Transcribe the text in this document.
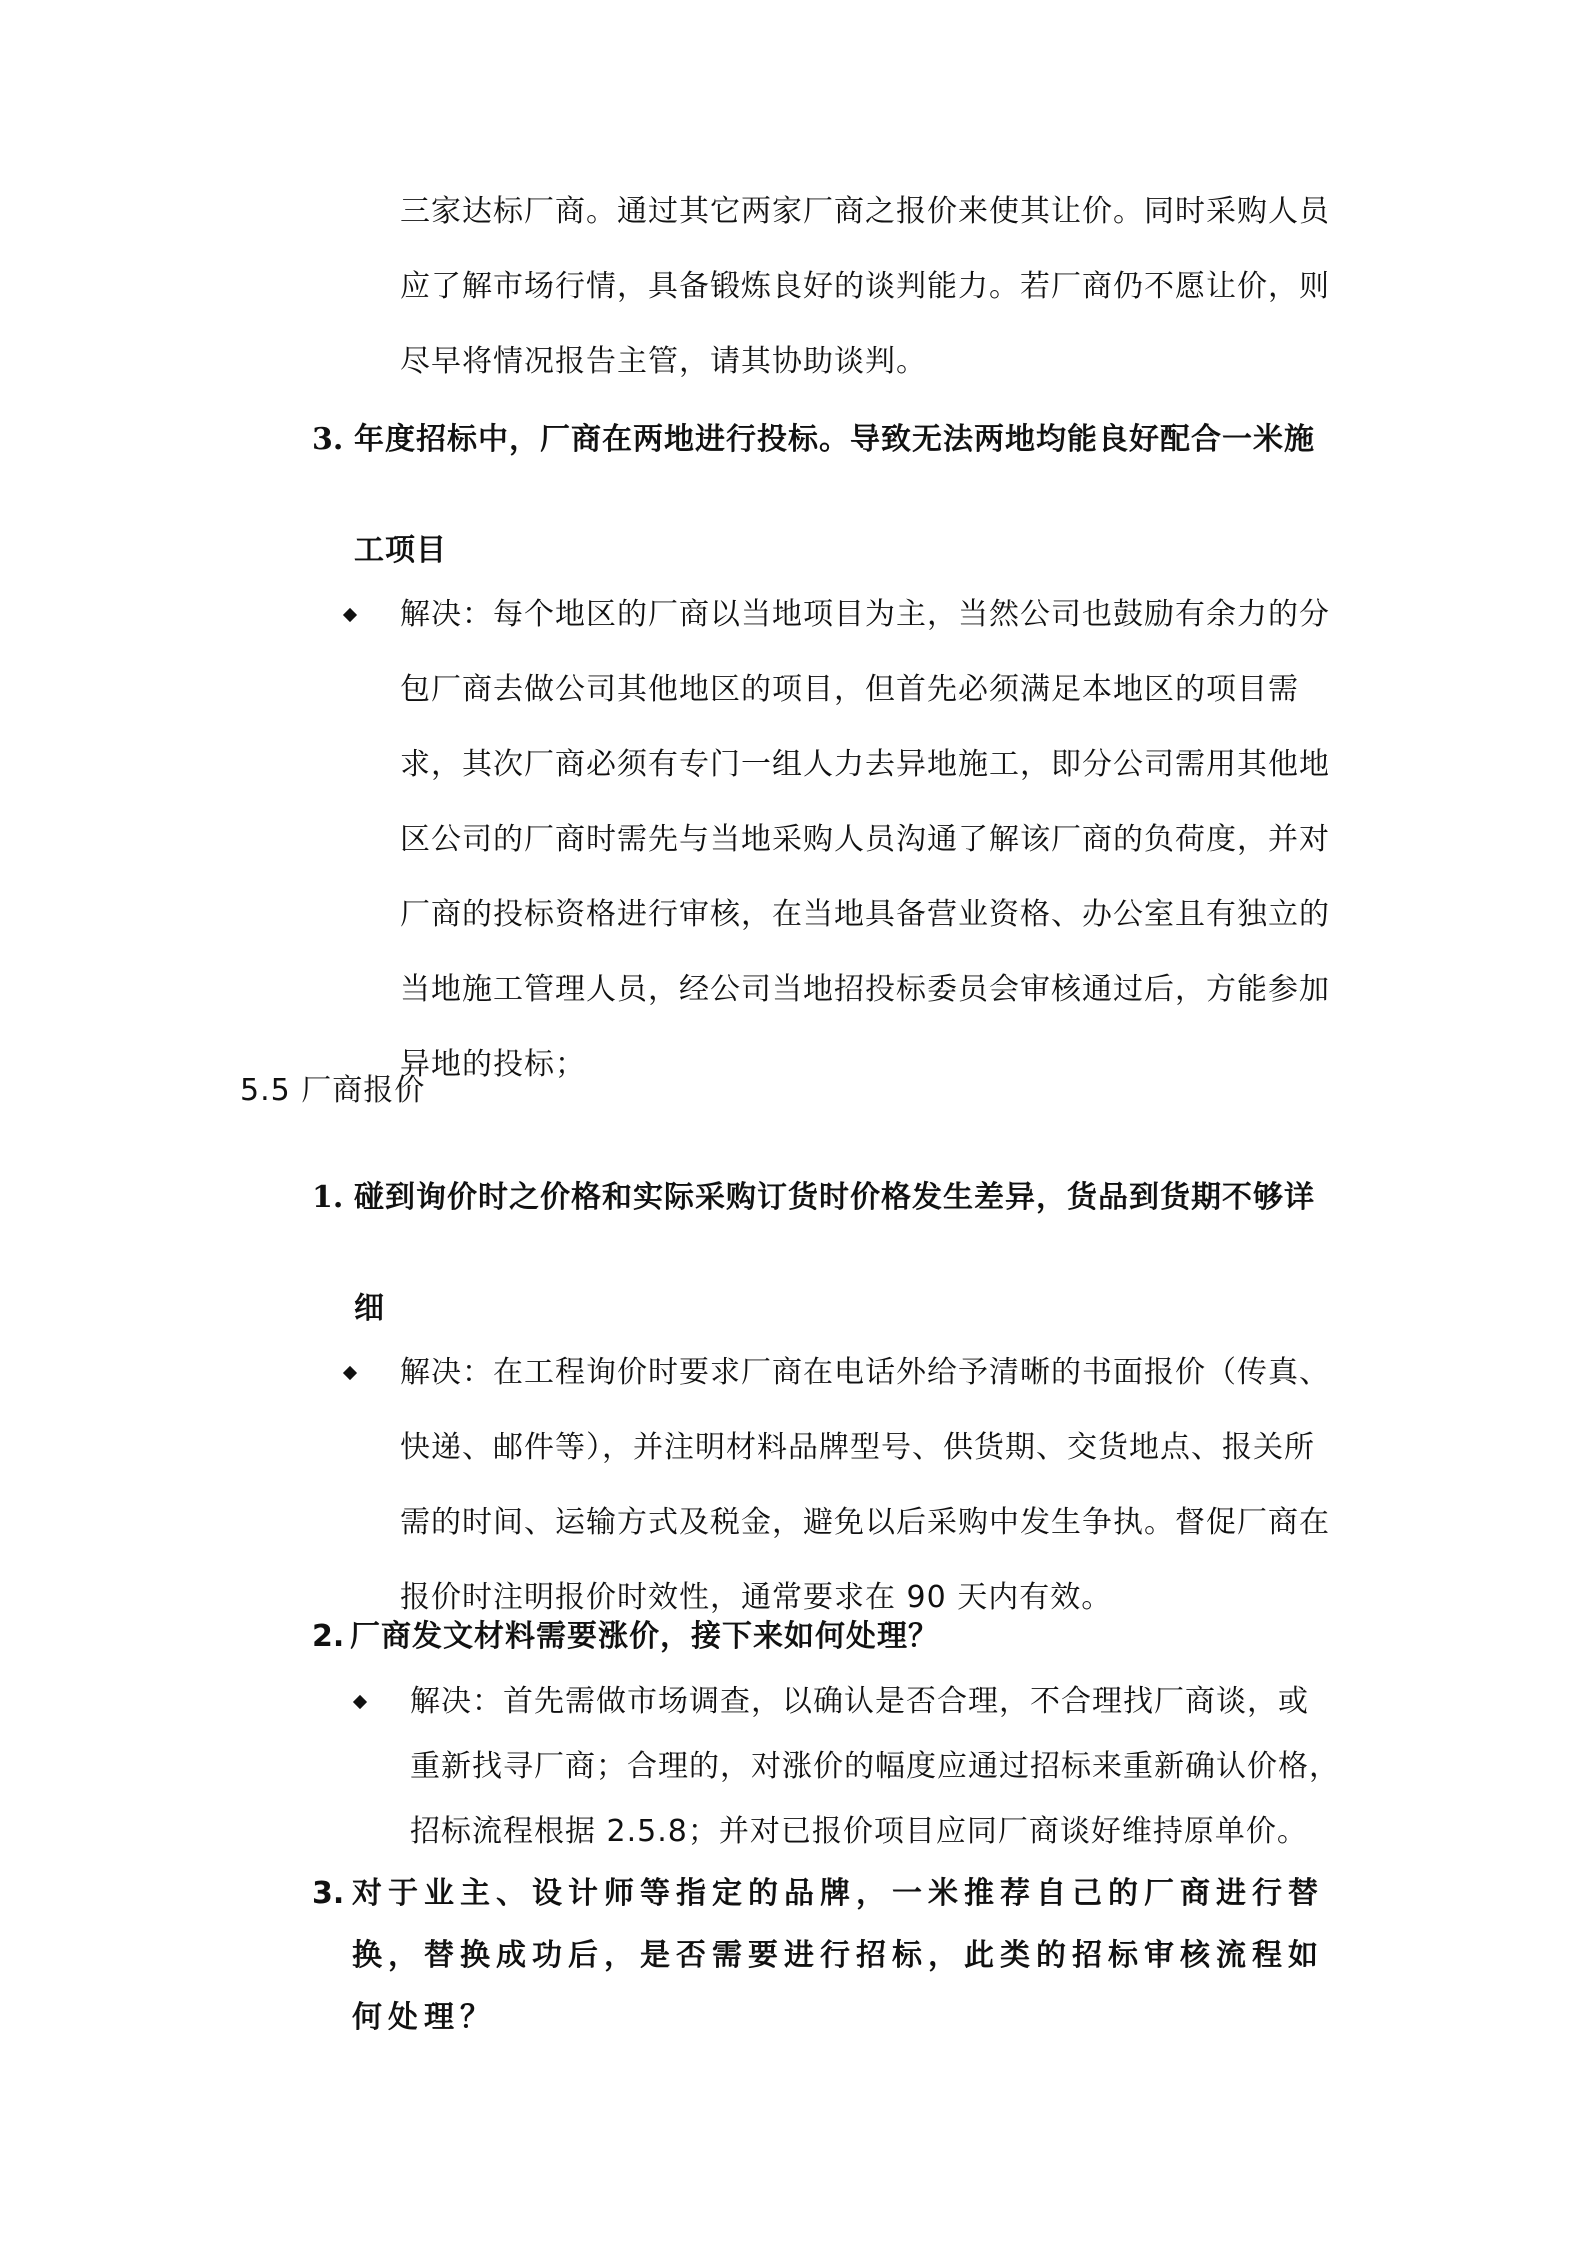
三家达标厂商。通过其它两家厂商之报价来使其让价。同时采购人员
应了解市场行情，具备锻炼良好的谈判能力。若厂商仍不愿让价，则
尽早将情况报告主管，请其协助谈判。
3. 年度招标中，厂商在两地进行投标。导致无法两地均能良好配合一米施
工项目
解决：每个地区的厂商以当地项目为主，当然公司也鼓励有余力的分
包厂商去做公司其他地区的项目，但首先必须满足本地区的项目需
求，其次厂商必须有专门一组人力去异地施工，即分公司需用其他地
区公司的厂商时需先与当地采购人员沟通了解该厂商的负荷度，并对
厂商的投标资格进行审核，在当地具备营业资格、办公室且有独立的
当地施工管理人员，经公司当地招投标委员会审核通过后，方能参加
异地的投标；
5.5 厂商报价
1. 碰到询价时之价格和实际采购订货时价格发生差异，货品到货期不够详
细
解决：在工程询价时要求厂商在电话外给予清晰的书面报价（传真、
快递、邮件等），并注明材料品牌型号、供货期、交货地点、报关所
需的时间、运输方式及税金，避免以后采购中发生争执。督促厂商在
报价时注明报价时效性，通常要求在 90 天内有效。
2. 厂商发文材料需要涨价，接下来如何处理？
解决：首先需做市场调查，以确认是否合理，不合理找厂商谈，或
重新找寻厂商；合理的，对涨价的幅度应通过招标来重新确认价格，
招标流程根据 2.5.8；并对已报价项目应同厂商谈好维持原单价。
3. 对于业主、设计师等指定的品牌，一米推荐自己的厂商进行替
换，替换成功后，是否需要进行招标，此类的招标审核流程如
何处理？
